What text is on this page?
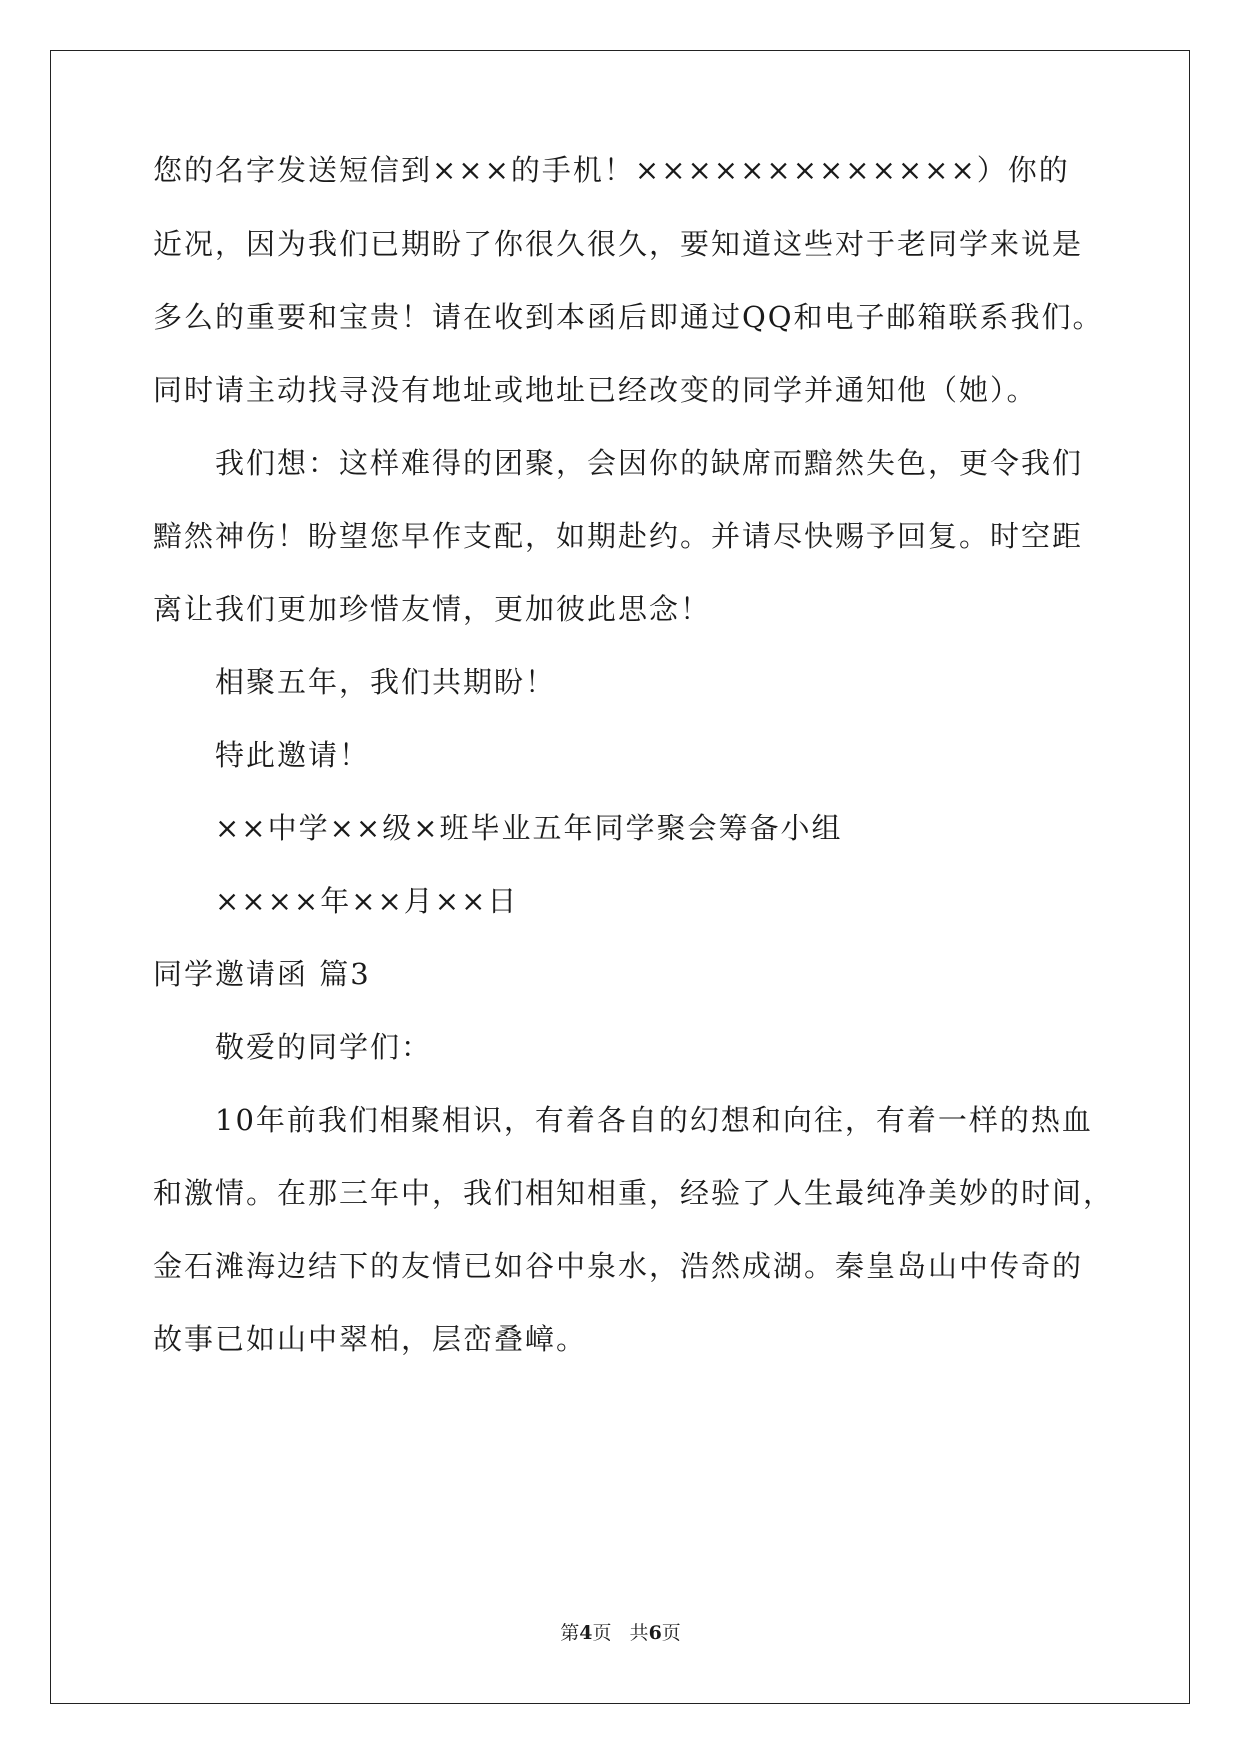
您的名字发送短信到×××的手机！×××××××××××××）你的
近况，因为我们已期盼了你很久很久，要知道这些对于老同学来说是
多么的重要和宝贵！请在收到本函后即通过QQ和电子邮箱联系我们。
同时请主动找寻没有地址或地址已经改变的同学并通知他（她）。
我们想：这样难得的团聚，会因你的缺席而黯然失色，更令我们
黯然神伤！盼望您早作支配，如期赴约。并请尽快赐予回复。时空距
离让我们更加珍惜友情，更加彼此思念！
相聚五年，我们共期盼！
特此邀请！
××中学××级×班毕业五年同学聚会筹备小组
××××年××月××日
同学邀请函 篇3
敬爱的同学们：
10年前我们相聚相识，有着各自的幻想和向往，有着一样的热血
和激情。在那三年中，我们相知相重，经验了人生最纯净美妙的时间，
金石滩海边结下的友情已如谷中泉水，浩然成湖。秦皇岛山中传奇的
故事已如山中翠柏，层峦叠嶂。
第4页   共6页
